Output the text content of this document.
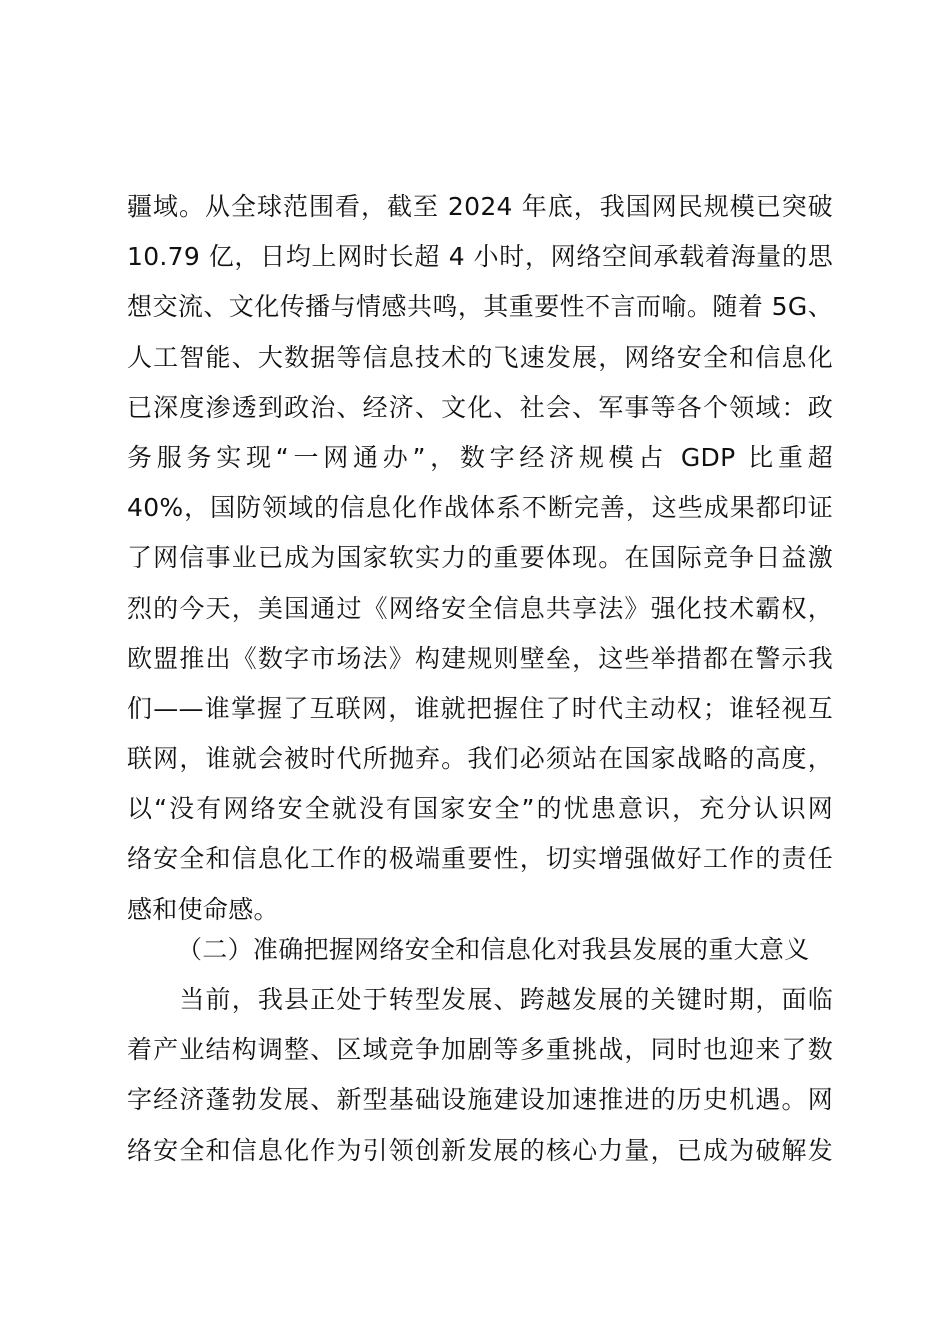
疆域。从全球范围看，截至 2024 年底，我国网民规模已突破
10.79 亿，日均上网时长超 4 小时，网络空间承载着海量的思
想交流、文化传播与情感共鸣，其重要性不言而喻。随着 5G、
人工智能、大数据等信息技术的飞速发展，网络安全和信息化
已深度渗透到政治、经济、文化、社会、军事等各个领域：政
务服务实现“一网通办”，数字经济规模占 GDP 比重超
40%，国防领域的信息化作战体系不断完善，这些成果都印证
了网信事业已成为国家软实力的重要体现。在国际竞争日益激
烈的今天，美国通过《网络安全信息共享法》强化技术霸权，
欧盟推出《数字市场法》构建规则壁垒，这些举措都在警示我
们——谁掌握了互联网，谁就把握住了时代主动权；谁轻视互
联网，谁就会被时代所抛弃。我们必须站在国家战略的高度，
以“没有网络安全就没有国家安全”的忧患意识，充分认识网
络安全和信息化工作的极端重要性，切实增强做好工作的责任
感和使命感。
（二）准确把握网络安全和信息化对我县发展的重大意义
　　当前，我县正处于转型发展、跨越发展的关键时期，面临
着产业结构调整、区域竞争加剧等多重挑战，同时也迎来了数
字经济蓬勃发展、新型基础设施建设加速推进的历史机遇。网
络安全和信息化作为引领创新发展的核心力量，已成为破解发
